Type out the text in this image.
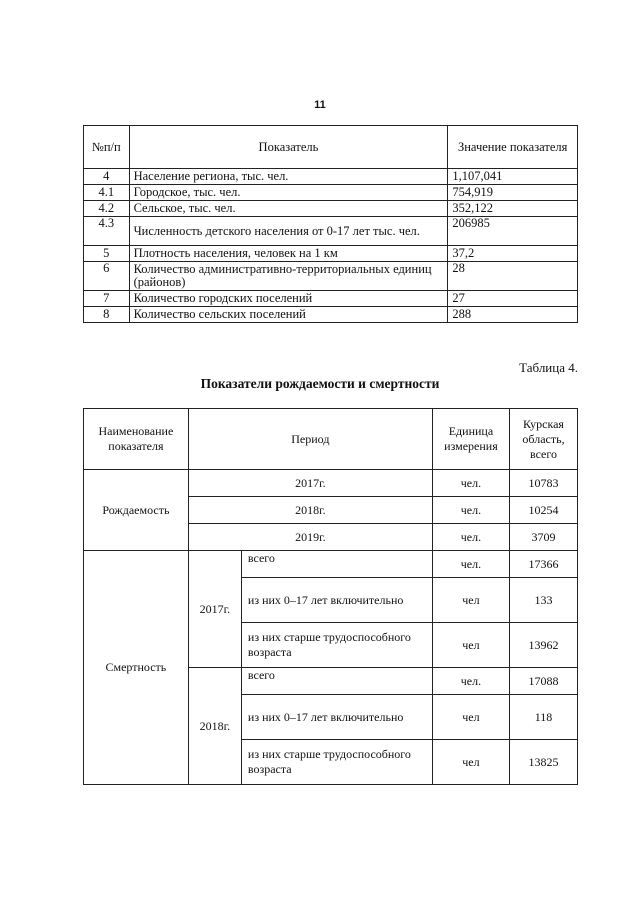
11
№п/п	Показатель	Значение показателя
4	Население региона, тыс. чел.	1,107,041
4.1	Городское, тыс. чел.	754,919
4.2	Сельское, тыс. чел.	352,122
4.3	Численность детского населения от 0-17 лет тыс. чел.	206985
5	Плотность населения, человек на 1 км	37,2
6	Количество административно-территориальных единиц (районов)	28
7	Количество городских поселений	27
8	Количество сельских поселений	288
Таблица 4.
Показатели рождаемости и смертности
Наименование показателя	Период		Единица измерения	Курская область, всего
Рождаемость	2017г.		чел.	10783
	2018г.		чел.	10254
	2019г.		чел.	3709
Смертность	2017г.	всего	чел.	17366
		из них 0–17 лет включительно	чел	133
		из них старше трудоспособного возраста	чел	13962
	2018г.	всего	чел.	17088
		из них 0–17 лет включительно	чел	118
		из них старше трудоспособного возраста	чел	13825
